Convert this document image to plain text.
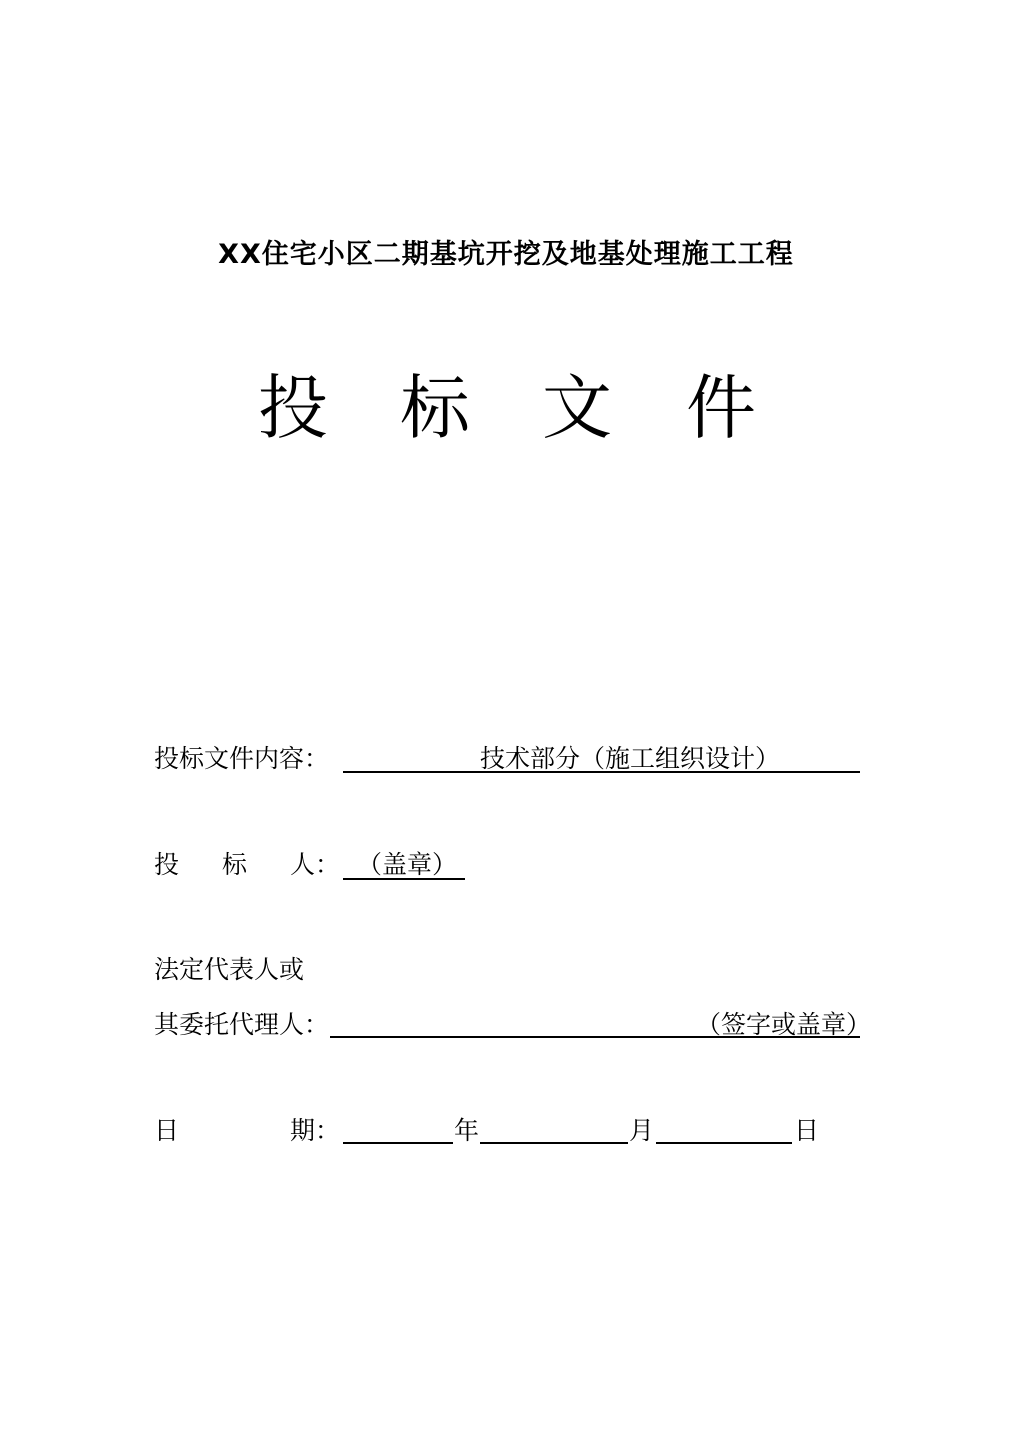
XX住宅小区二期基坑开挖及地基处理施工工程
投 标 文 件
投标文件内容：	技术部分（施工组织设计）
投 标 人： （盖章）
法定代表人或
其委托代理人：	（签字或盖章）
日	期：	年	月	日
